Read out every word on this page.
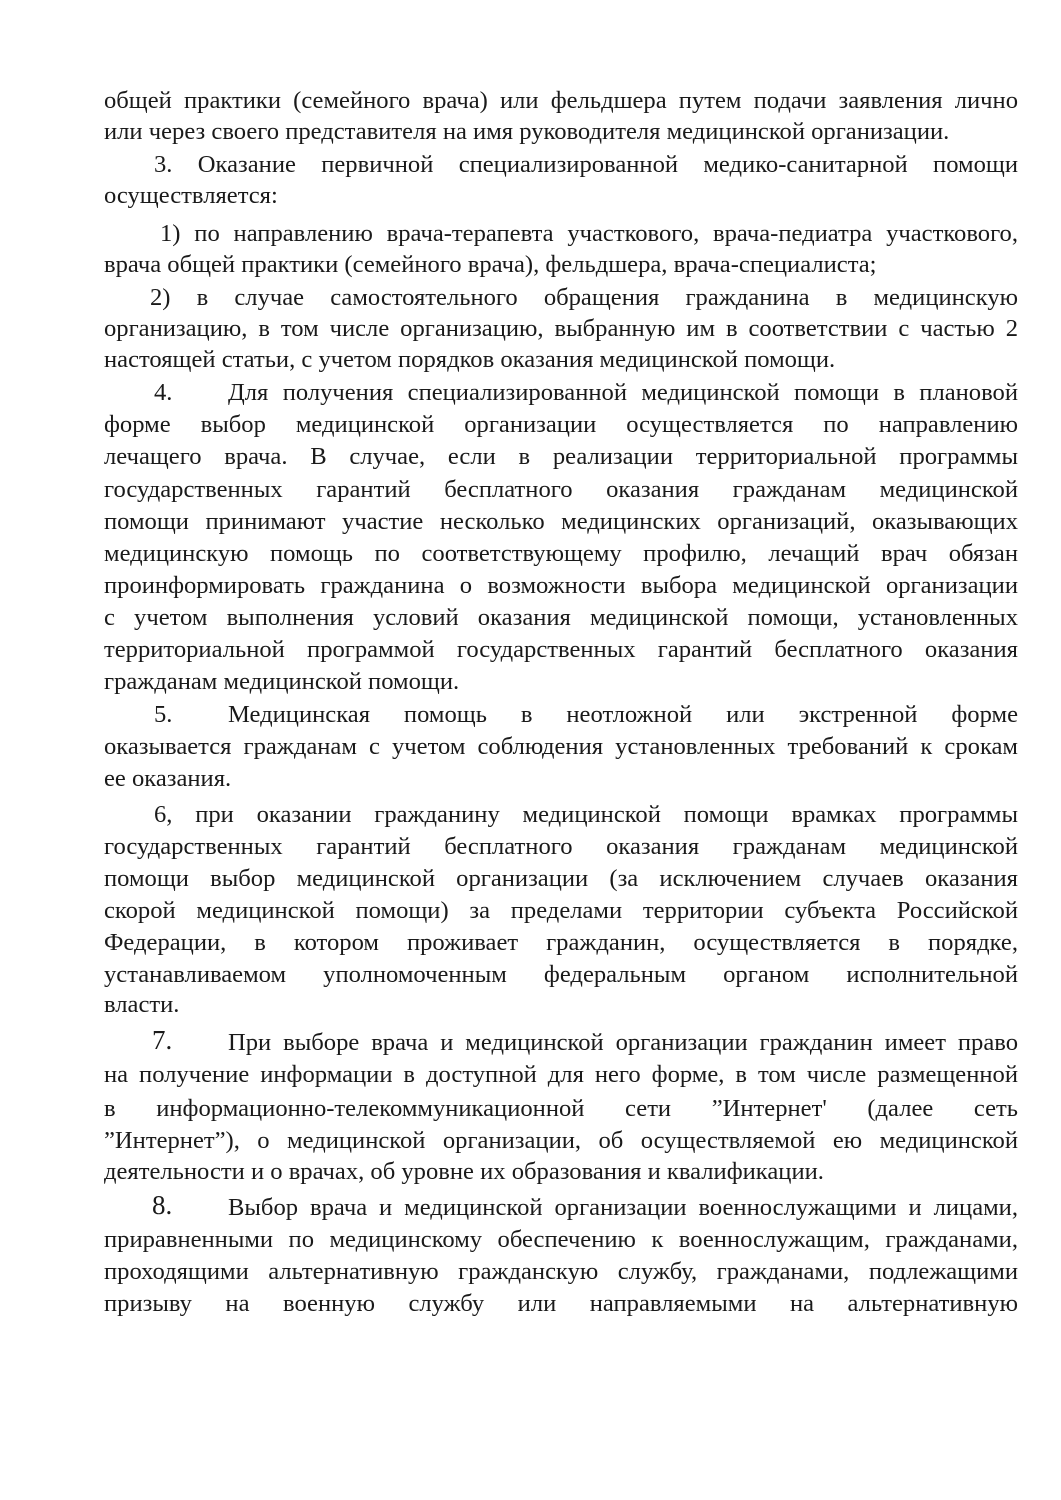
общей практики (семейного врача) или фельдшера путем подачи заявления лично
или через своего представителя на имя руководителя медицинской организации.
3. Оказание первичной специализированной медико-санитарной помощи
осуществляется:
1) по направлению врача-терапевта участкового, врача-педиатра участкового,
врача общей практики (семейного врача), фельдшера, врача-специалиста;
2) в случае самостоятельного обращения гражданина в медицинскую
организацию, в том числе организацию, выбранную им в соответствии с частью 2
настоящей статьи, с учетом порядков оказания медицинской помощи.
4. Для получения специализированной медицинской помощи в плановой
форме выбор медицинской организации осуществляется по направлению
лечащего врача. В случае, если в реализации территориальной программы
государственных гарантий бесплатного оказания гражданам медицинской
помощи принимают участие несколько медицинских организаций, оказывающих
медицинскую помощь по соответствующему профилю, лечащий врач обязан
проинформировать гражданина о возможности выбора медицинской организации
с учетом выполнения условий оказания медицинской помощи, установленных
территориальной программой государственных гарантий бесплатного оказания
гражданам медицинской помощи.
5. Медицинская помощь в неотложной или экстренной форме
оказывается гражданам с учетом соблюдения установленных требований к срокам
ее оказания.
6, при оказании гражданину медицинской помощи врамках программы
государственных гарантий бесплатного оказания гражданам медицинской
помощи выбор медицинской организации (за исключением случаев оказания
скорой медицинской помощи) за пределами территории субъекта Российской
Федерации, в котором проживает гражданин, осуществляется в порядке,
устанавливаемом уполномоченным федеральным органом исполнительной
власти.
7. При выборе врача и медицинской организации гражданин имеет право
на получение информации в доступной для него форме, в том числе размещенной
в информационно-телекоммуникационной сети ”Интернет' (далее сеть
”Интернет”), о медицинской организации, об осуществляемой ею медицинской
деятельности и о врачах, об уровне их образования и квалификации.
8. Выбор врача и медицинской организации военнослужащими и лицами,
приравненными по медицинскому обеспечению к военнослужащим, гражданами,
проходящими альтернативную гражданскую службу, гражданами, подлежащими
призыву на военную службу или направляемыми на альтернативную
